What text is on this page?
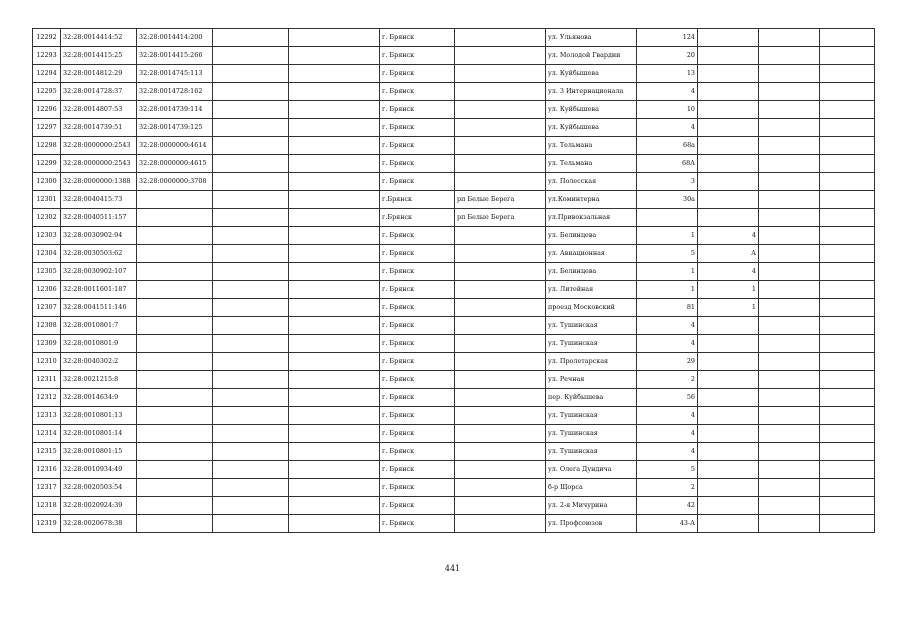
12292	32:28:0014414:52	32:28:0014414:200			г. Брянск		ул. Ульянова	124			
12293	32:28:0014415:25	32:28:0014415:266			г. Брянск		ул. Молодой Гвардии	20			
12294	32:28:0014812:29	32:28:0014745:113			г. Брянск		ул. Куйбышева	13			
12295	32:28:0014728:37	32:28:0014728:162			г. Брянск		ул. 3 Интернационала	4			
12296	32:28:0014807:53	32:28:0014739:114			г. Брянск		ул. Куйбышева	10			
12297	32:28:0014739:51	32:28:0014739:125			г. Брянск		ул. Куйбышева	4			
12298	32:28:0000000:2543	32:28:0000000:4614			г. Брянск		ул. Тельмана	68а			
12299	32:28:0000000:2543	32:28:0000000:4615			г. Брянск		ул. Тельмана	68А			
12300	32:28:0000000:1388	32:28:0000000:3708			г. Брянск		ул. Полесская	3			
12301	32:28:0040415:73				г.Брянск	рп Белые Берега	ул.Коминтерна	30а			
12302	32:28:0040511:157				г.Брянск	рп Белые Берега	ул.Привокзальная				
12303	32:28:0030902:94				г. Брянск		ул. Белинцева	1	4		
12304	32:28:0030503:62				г. Брянск		ул. Авиационная	5	А		
12305	32:28:0030902:107				г. Брянск		ул. Белинцева	1	4		
12306	32:28:0011601:187				г. Брянск		ул. Литейная	1	1		
12307	32:28:0041511:146				г. Брянск		проезд Московский	81	1		
12308	32:28:0010801:7				г. Брянск		ул. Тушинская	4			
12309	32:28:0010801:9				г. Брянск		ул. Тушинская	4			
12310	32:28:0040302:2				г. Брянск		ул. Пролетарская	29			
12311	32:28:0021215:8				г. Брянск		ул. Речная	2			
12312	32:28:0014634:9				г. Брянск		пер. Куйбышева	56			
12313	32:28:0010801:13				г. Брянск		ул. Тушинская	4			
12314	32:28:0010801:14				г. Брянск		ул. Тушинская	4			
12315	32:28:0010801:15				г. Брянск		ул. Тушинская	4			
12316	32:28:0010934:49				г. Брянск		ул. Олега Дундича	5			
12317	32:28:0020503:54				г. Брянск		б-р Щорса	2			
12318	32:28:0020924:39				г. Брянск		ул. 2-я Мичурина	42			
12319	32:28:0020678:38				г. Брянск		ул. Профсоюзов	43-А			
441
